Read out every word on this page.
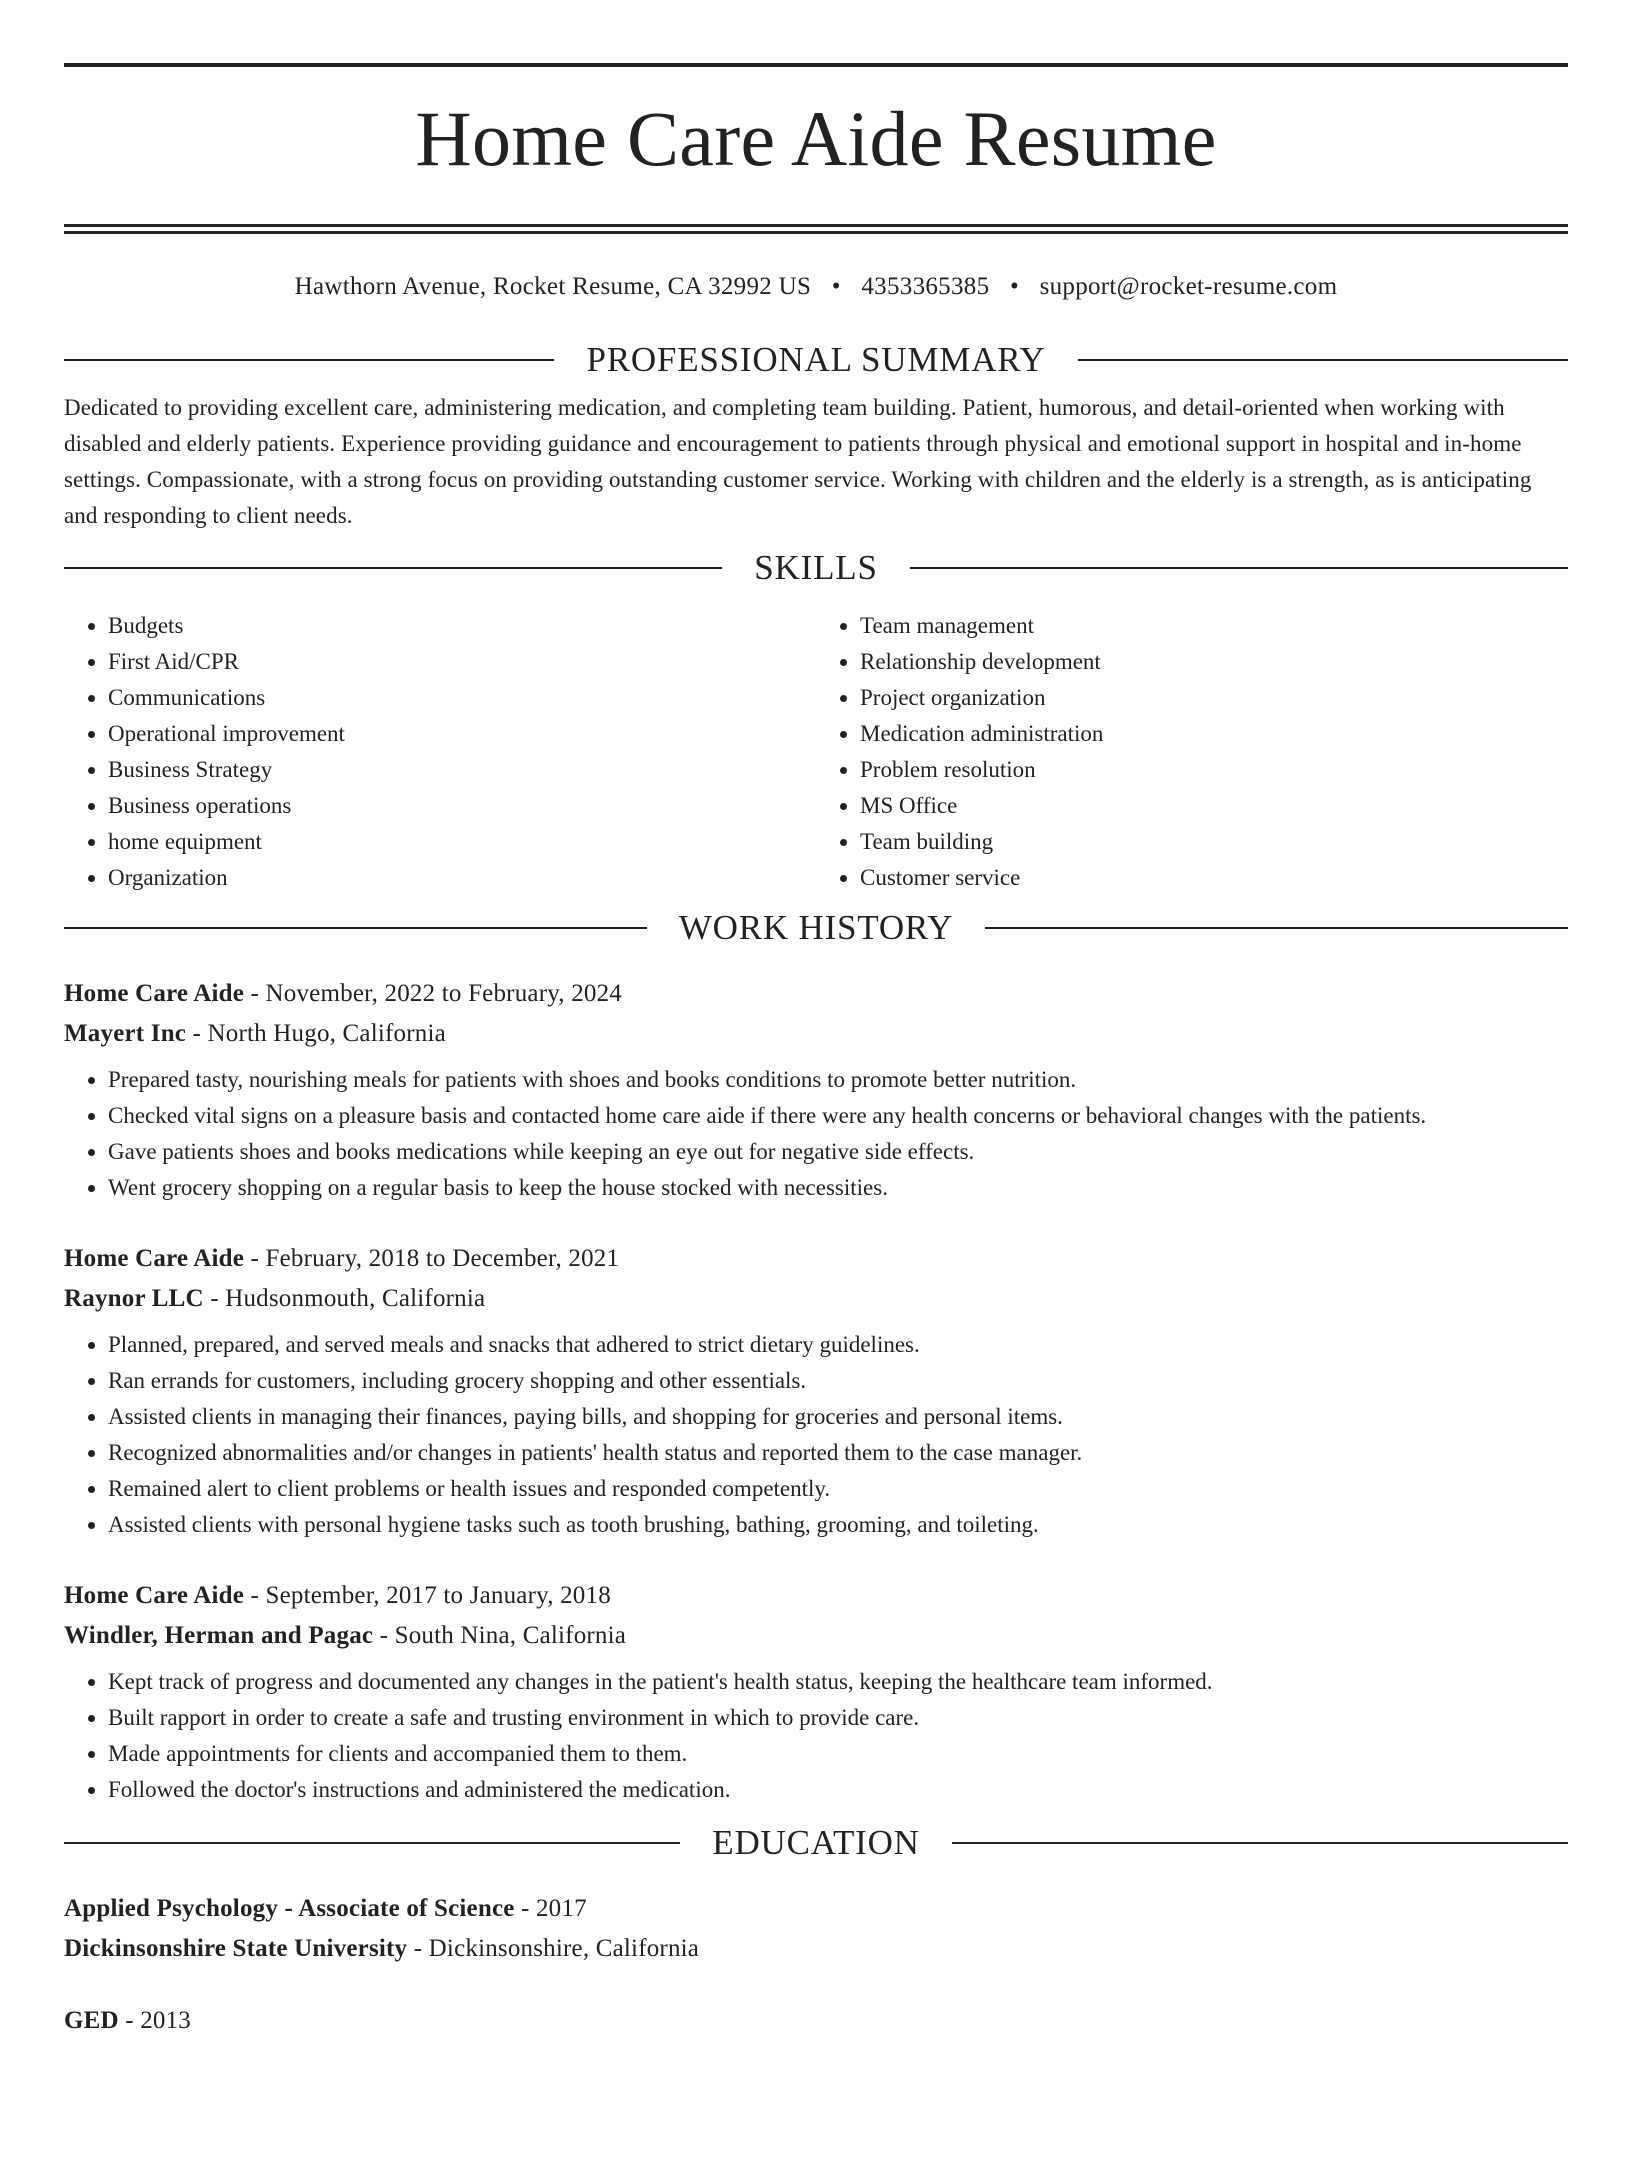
Home Care Aide Resume
Hawthorn Avenue, Rocket Resume, CA 32992 US • 4353365385 • support@rocket-resume.com
PROFESSIONAL SUMMARY

Dedicated to providing excellent care, administering medication, and completing team building. Patient, humorous, and detail-oriented when working with disabled and elderly patients. Experience providing guidance and encouragement to patients through physical and emotional support in hospital and in-home settings. Compassionate, with a strong focus on providing outstanding customer service. Working with children and the elderly is a strength, as is anticipating and responding to client needs.

SKILLS
• Budgets
• First Aid/CPR
• Communications
• Operational improvement
• Business Strategy
• Business operations
• home equipment
• Organization
• Team management
• Relationship development
• Project organization
• Medication administration
• Problem resolution
• MS Office
• Team building
• Customer service
WORK HISTORY
Home Care Aide - November, 2022 to February, 2024
Mayert Inc - North Hugo, California
• Prepared tasty, nourishing meals for patients with shoes and books conditions to promote better nutrition.
• Checked vital signs on a pleasure basis and contacted home care aide if there were any health concerns or behavioral changes with the patients.
• Gave patients shoes and books medications while keeping an eye out for negative side effects.
• Went grocery shopping on a regular basis to keep the house stocked with necessities.
Home Care Aide - February, 2018 to December, 2021
Raynor LLC - Hudsonmouth, California
• Planned, prepared, and served meals and snacks that adhered to strict dietary guidelines.
• Ran errands for customers, including grocery shopping and other essentials.
• Assisted clients in managing their finances, paying bills, and shopping for groceries and personal items.
• Recognized abnormalities and/or changes in patients' health status and reported them to the case manager.
• Remained alert to client problems or health issues and responded competently.
• Assisted clients with personal hygiene tasks such as tooth brushing, bathing, grooming, and toileting.
Home Care Aide - September, 2017 to January, 2018
Windler, Herman and Pagac - South Nina, California
• Kept track of progress and documented any changes in the patient's health status, keeping the healthcare team informed.
• Built rapport in order to create a safe and trusting environment in which to provide care.
• Made appointments for clients and accompanied them to them.
• Followed the doctor's instructions and administered the medication.
EDUCATION
Applied Psychology - Associate of Science - 2017
Dickinsonshire State University - Dickinsonshire, California
GED - 2013
